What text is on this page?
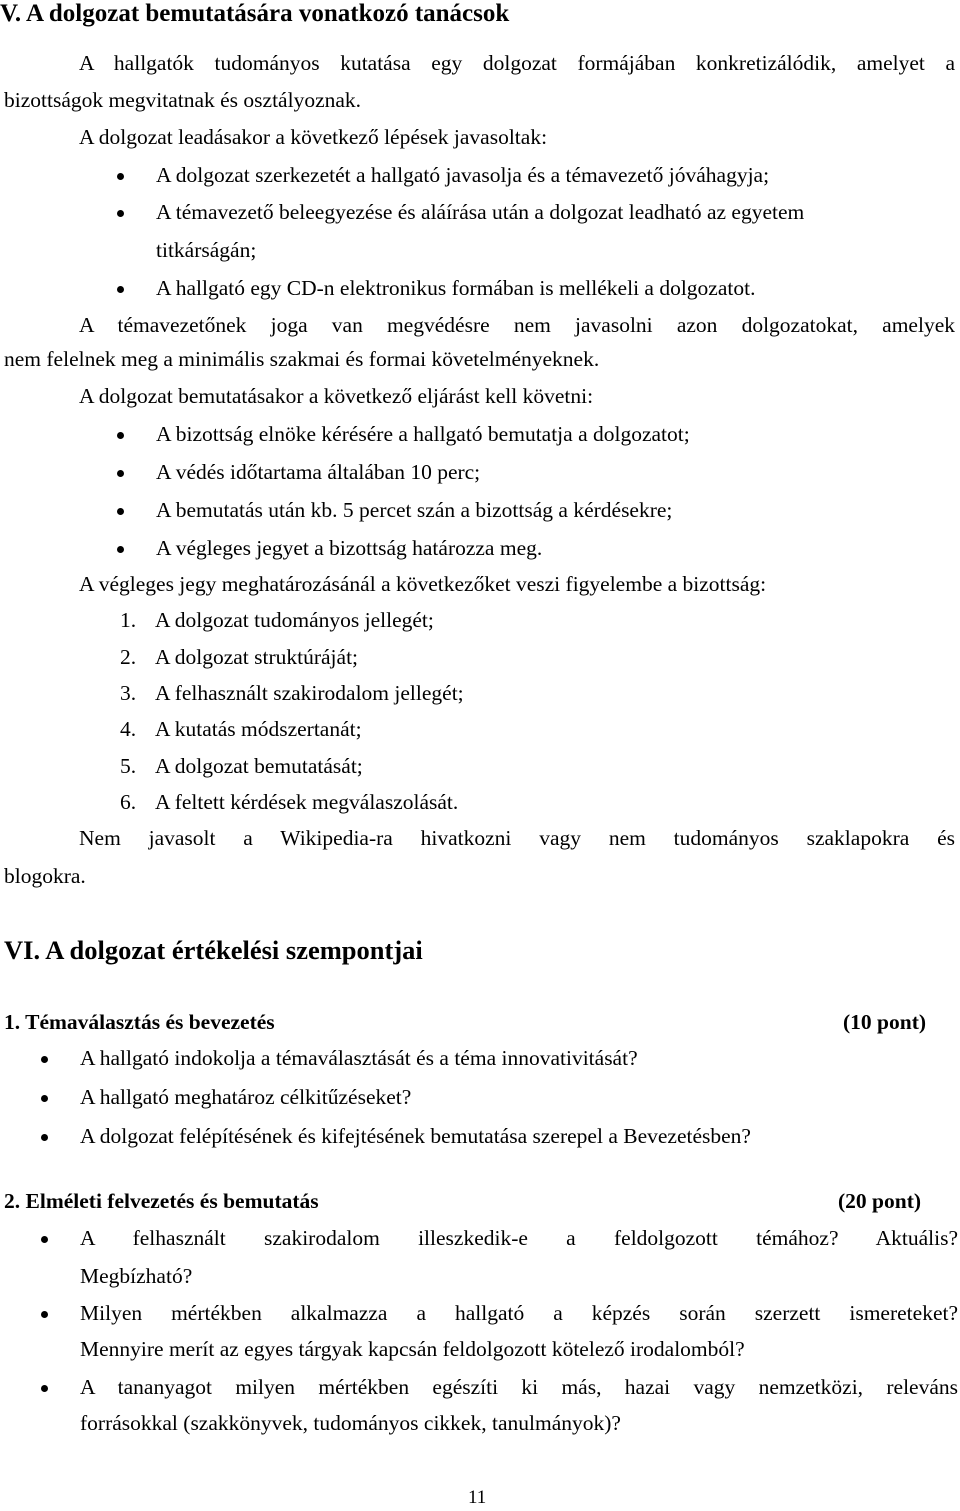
V. A dolgozat bemutatására vonatkozó tanácsok
A hallgatók tudományos kutatása egy dolgozat formájában konkretizálódik, amelyet a
bizottságok megvitatnak és osztályoznak.
A dolgozat leadásakor a következő lépések javasoltak:
A dolgozat szerkezetét a hallgató javasolja és a témavezető jóváhagyja;
A témavezető beleegyezése és aláírása után a dolgozat leadható az egyetem
titkárságán;
A hallgató egy CD-n elektronikus formában is mellékeli a dolgozatot.
A témavezetőnek joga van megvédésre nem javasolni azon dolgozatokat, amelyek
nem felelnek meg a minimális szakmai és formai követelményeknek.
A dolgozat bemutatásakor a következő eljárást kell követni:
A bizottság elnöke kérésére a hallgató bemutatja a dolgozatot;
A védés időtartama általában 10 perc;
A bemutatás után kb. 5 percet szán a bizottság a kérdésekre;
A végleges jegyet a bizottság határozza meg.
A végleges jegy meghatározásánál a következőket veszi figyelembe a bizottság:
1. A dolgozat tudományos jellegét;
2. A dolgozat struktúráját;
3. A felhasznált szakirodalom jellegét;
4. A kutatás módszertanát;
5. A dolgozat bemutatását;
6. A feltett kérdések megválaszolását.
Nem javasolt a Wikipedia-ra hivatkozni vagy nem tudományos szaklapokra és
blogokra.
VI. A dolgozat értékelési szempontjai
1. Témaválasztás és bevezetés	(10 pont)
A hallgató indokolja a témaválasztását és a téma innovativitását?
A hallgató meghatároz célkitűzéseket?
A dolgozat felépítésének és kifejtésének bemutatása szerepel a Bevezetésben?
2. Elméleti felvezetés és bemutatás	(20 pont)
A felhasznált szakirodalom illeszkedik-e a feldolgozott témához? Aktuális?
Megbízható?
Milyen mértékben alkalmazza a hallgató a képzés során szerzett ismereteket?
Mennyire merít az egyes tárgyak kapcsán feldolgozott kötelező irodalomból?
A tananyagot milyen mértékben egészíti ki más, hazai vagy nemzetközi, releváns
forrásokkal (szakkönyvek, tudományos cikkek, tanulmányok)?
11
